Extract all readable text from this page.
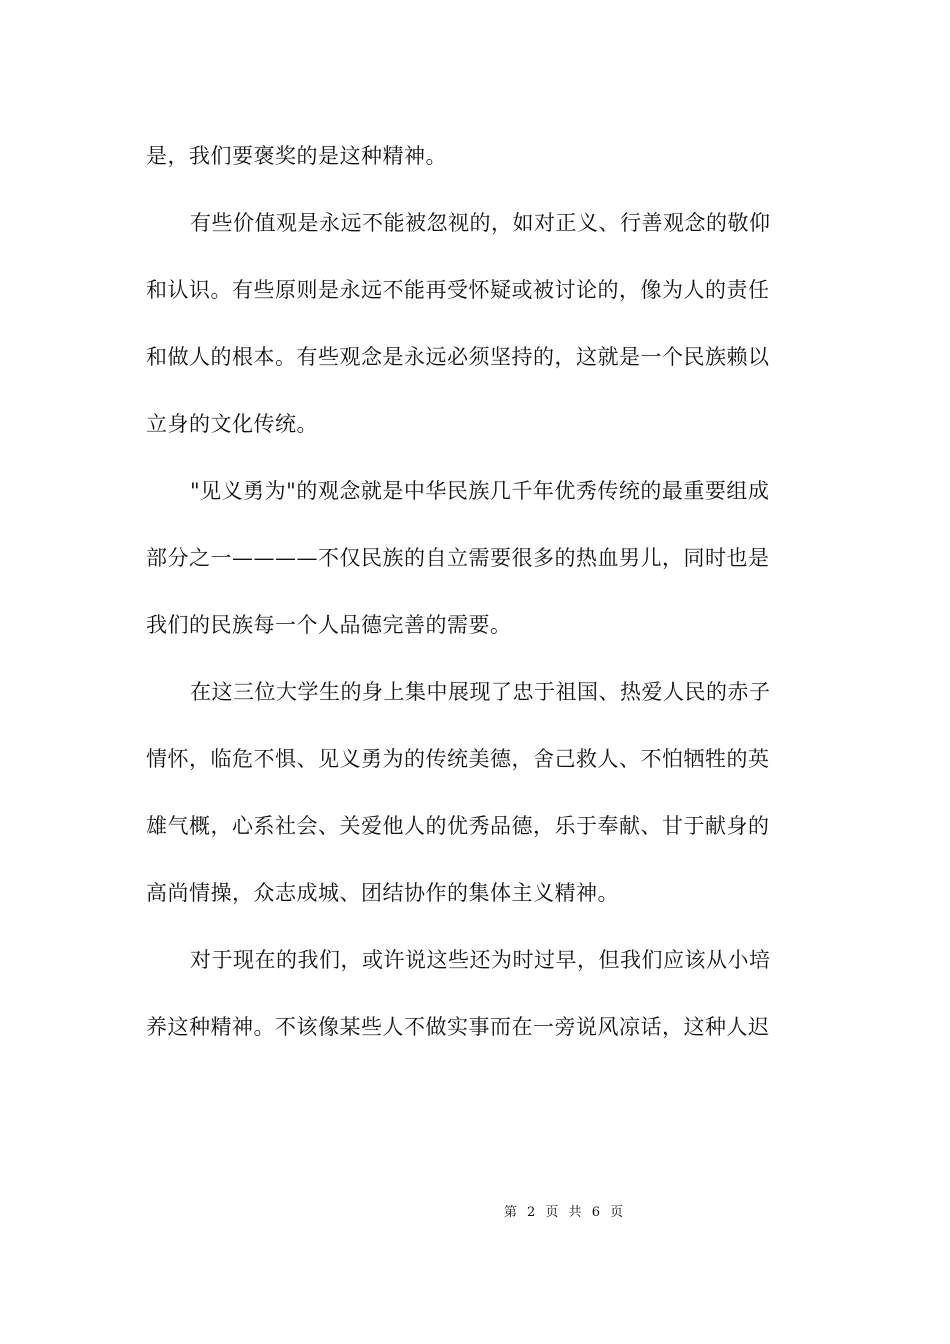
是，我们要褒奖的是这种精神。
有些价值观是永远不能被忽视的，如对正义、行善观念的敬仰
和认识。有些原则是永远不能再受怀疑或被讨论的，像为人的责任
和做人的根本。有些观念是永远必须坚持的，这就是一个民族赖以
立身的文化传统。
"见义勇为"的观念就是中华民族几千年优秀传统的最重要组成
部分之一————不仅民族的自立需要很多的热血男儿，同时也是
我们的民族每一个人品德完善的需要。
在这三位大学生的身上集中展现了忠于祖国、热爱人民的赤子
情怀，临危不惧、见义勇为的传统美德，舍己救人、不怕牺牲的英
雄气概，心系社会、关爱他人的优秀品德，乐于奉献、甘于献身的
高尚情操，众志成城、团结协作的集体主义精神。
对于现在的我们，或许说这些还为时过早，但我们应该从小培
养这种精神。不该像某些人不做实事而在一旁说风凉话，这种人迟
第 2 页 共 6 页
